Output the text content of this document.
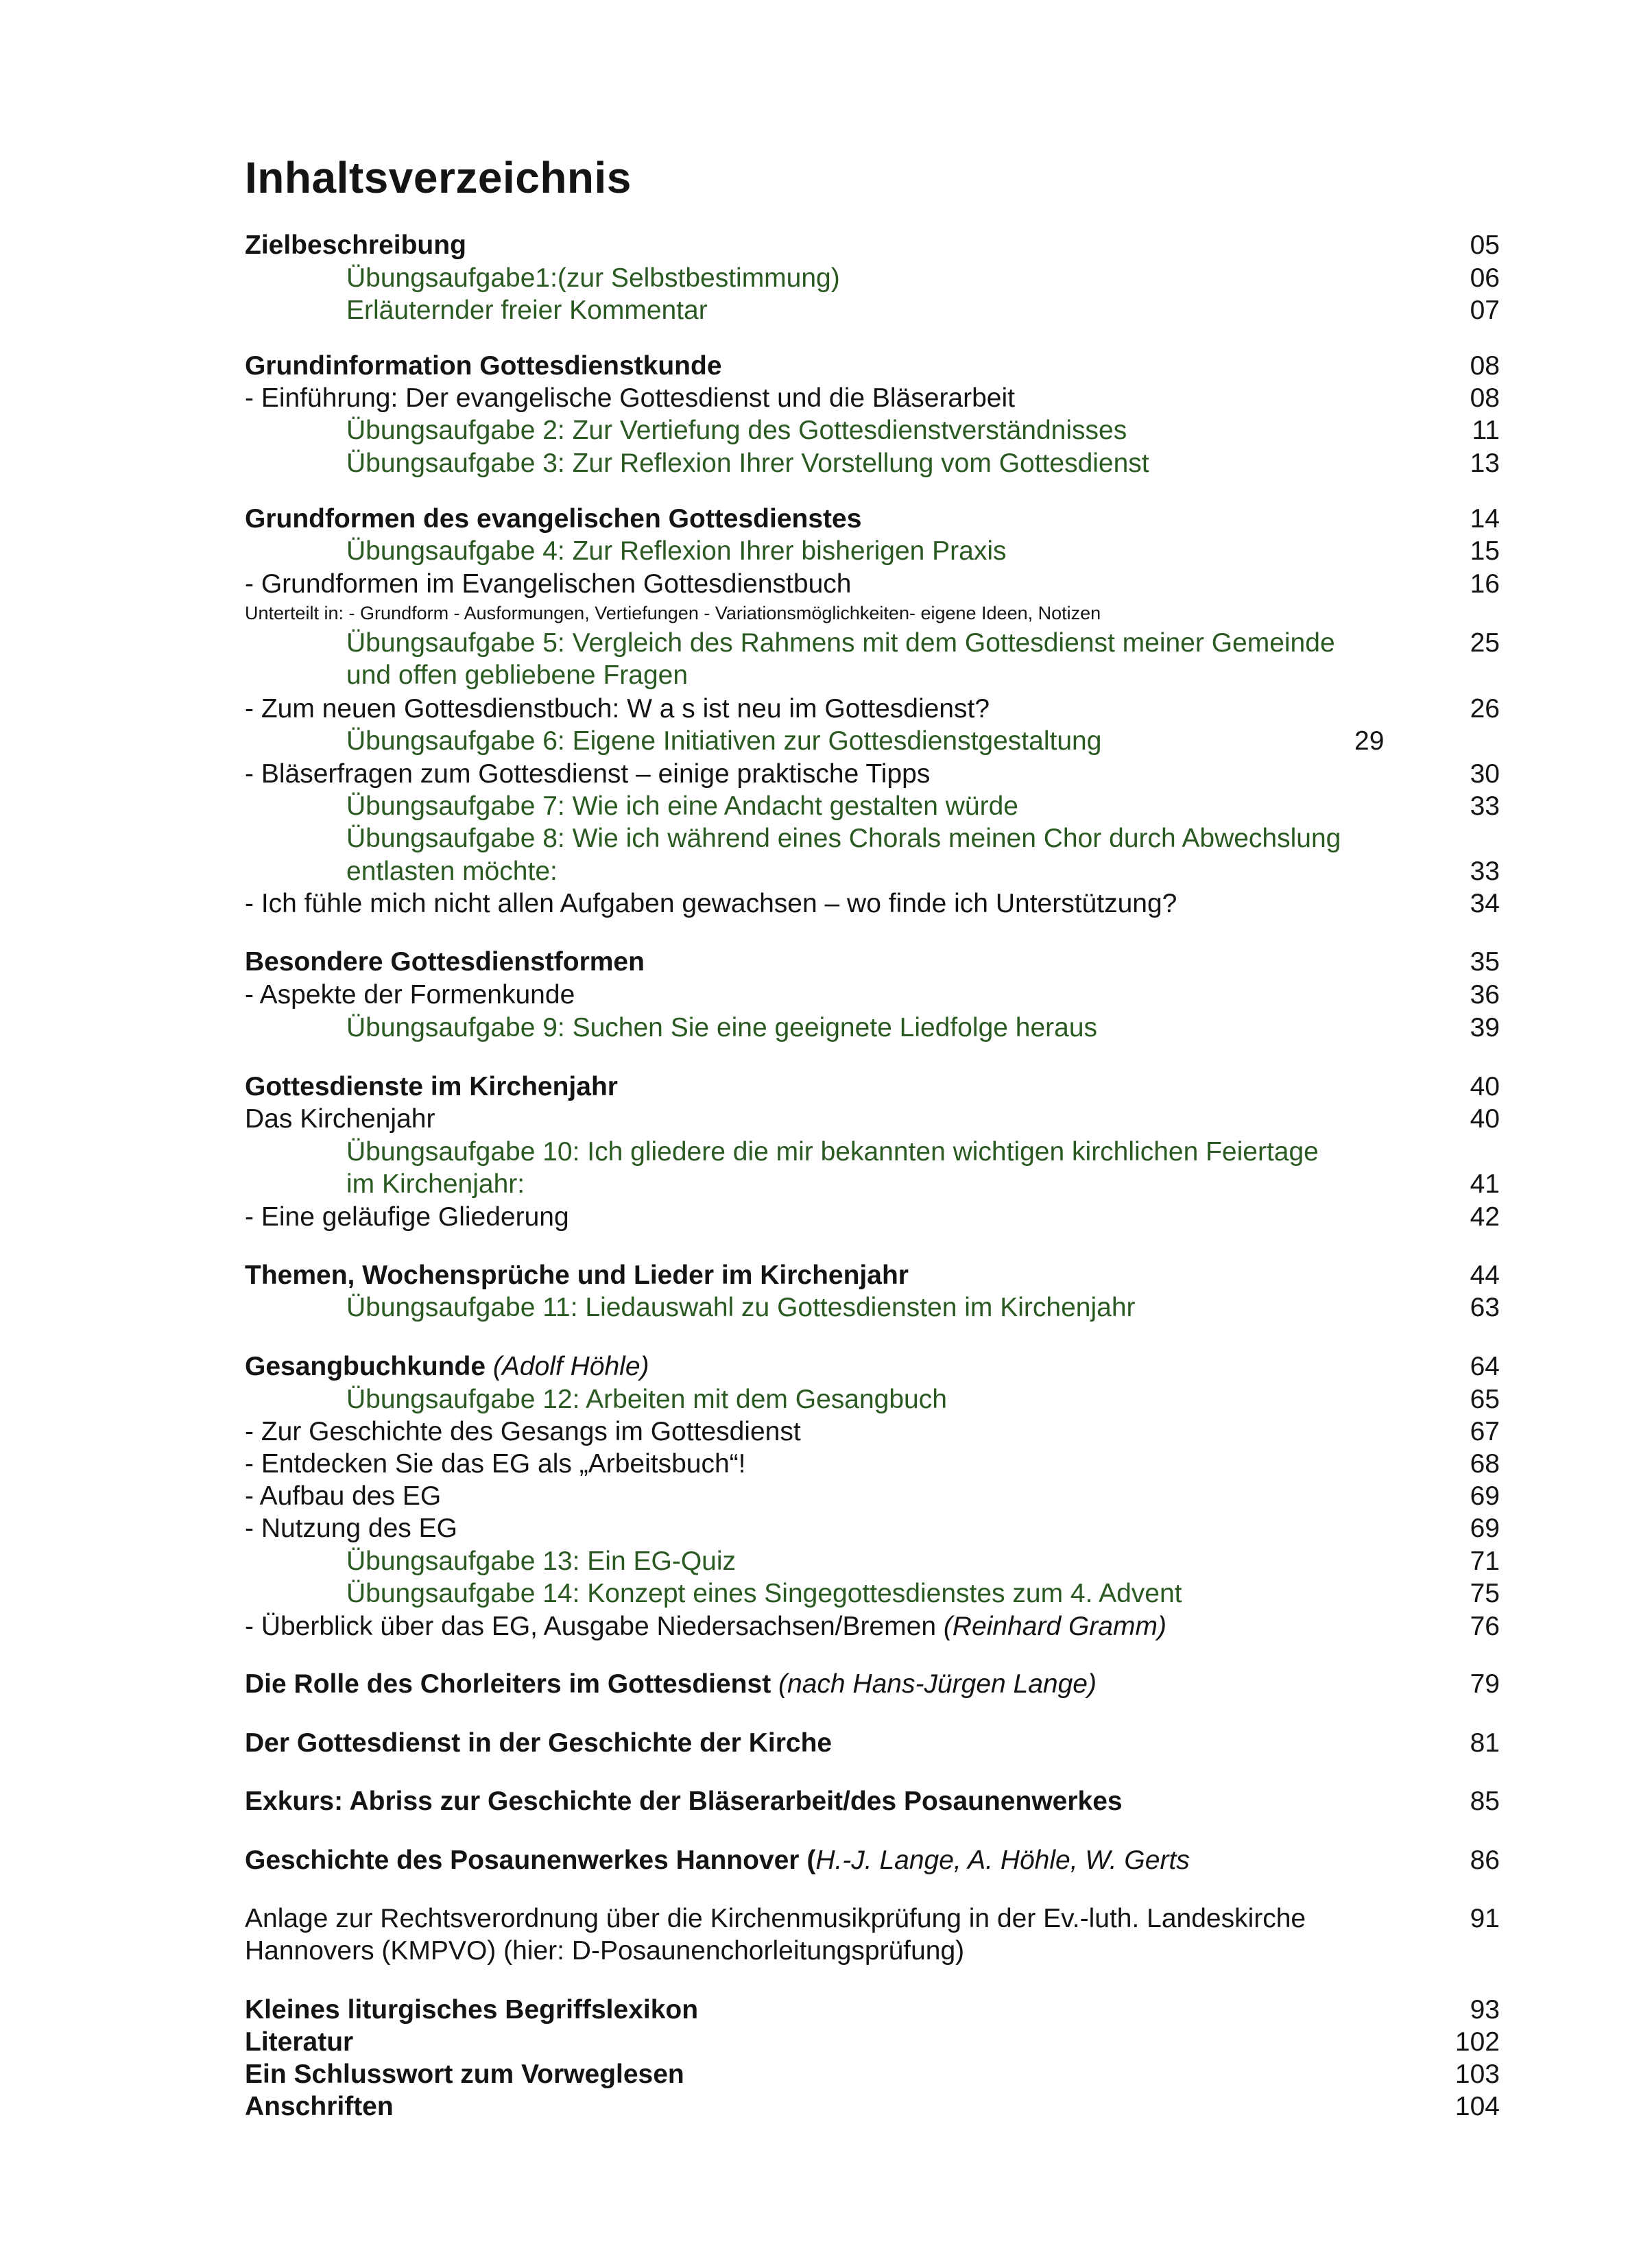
Inhaltsverzeichnis
Zielbeschreibung	05
Übungsaufgabe1:(zur Selbstbestimmung)	06
Erläuternder freier Kommentar	07
Grundinformation Gottesdienstkunde	08
- Einführung: Der evangelische Gottesdienst und die Bläserarbeit	08
Übungsaufgabe 2: Zur Vertiefung des Gottesdienstverständnisses	11
Übungsaufgabe 3: Zur Reflexion Ihrer Vorstellung vom Gottesdienst	13
Grundformen des evangelischen Gottesdienstes	14
Übungsaufgabe 4: Zur Reflexion Ihrer bisherigen Praxis	15
- Grundformen im Evangelischen Gottesdienstbuch	16
Unterteilt in: - Grundform - Ausformungen, Vertiefungen - Variationsmöglichkeiten- eigene Ideen, Notizen
Übungsaufgabe 5: Vergleich des Rahmens mit dem Gottesdienst meiner Gemeinde	25
und offen gebliebene Fragen
- Zum neuen Gottesdienstbuch: W a s ist neu im Gottesdienst?	26
Übungsaufgabe 6: Eigene Initiativen zur Gottesdienstgestaltung	29
- Bläserfragen zum Gottesdienst – einige praktische Tipps	30
Übungsaufgabe 7: Wie ich eine Andacht gestalten würde	33
Übungsaufgabe 8: Wie ich während eines Chorals meinen Chor durch Abwechslung
entlasten möchte:	33
- Ich fühle mich nicht allen Aufgaben gewachsen – wo finde ich Unterstützung?	34
Besondere Gottesdienstformen	35
- Aspekte der Formenkunde	36
Übungsaufgabe 9: Suchen Sie eine geeignete Liedfolge heraus	39
Gottesdienste im Kirchenjahr	40
Das Kirchenjahr	40
Übungsaufgabe 10: Ich gliedere die mir bekannten wichtigen kirchlichen Feiertage
im Kirchenjahr:	41
- Eine geläufige Gliederung	42
Themen, Wochensprüche und Lieder im Kirchenjahr	44
Übungsaufgabe 11: Liedauswahl zu Gottesdiensten im Kirchenjahr	63
Gesangbuchkunde (Adolf Höhle)	64
Übungsaufgabe 12: Arbeiten mit dem Gesangbuch	65
- Zur Geschichte des Gesangs im Gottesdienst	67
- Entdecken Sie das EG als „Arbeitsbuch“!	68
- Aufbau des EG	69
- Nutzung des EG	69
Übungsaufgabe 13: Ein EG-Quiz	71
Übungsaufgabe 14: Konzept eines Singegottesdienstes zum 4. Advent	75
- Überblick über das EG, Ausgabe Niedersachsen/Bremen (Reinhard Gramm)	76
Die Rolle des Chorleiters im Gottesdienst (nach Hans-Jürgen Lange)	79
Der Gottesdienst in der Geschichte der Kirche	81
Exkurs: Abriss zur Geschichte der Bläserarbeit/des Posaunenwerkes	85
Geschichte des Posaunenwerkes Hannover (H.-J. Lange, A. Höhle, W. Gerts	86
Anlage zur Rechtsverordnung über die Kirchenmusikprüfung in der Ev.-luth. Landeskirche	91
Hannovers (KMPVO) (hier: D-Posaunenchorleitungsprüfung)
Kleines liturgisches Begriffslexikon	93
Literatur	102
Ein Schlusswort zum Vorweglesen	103
Anschriften	104
